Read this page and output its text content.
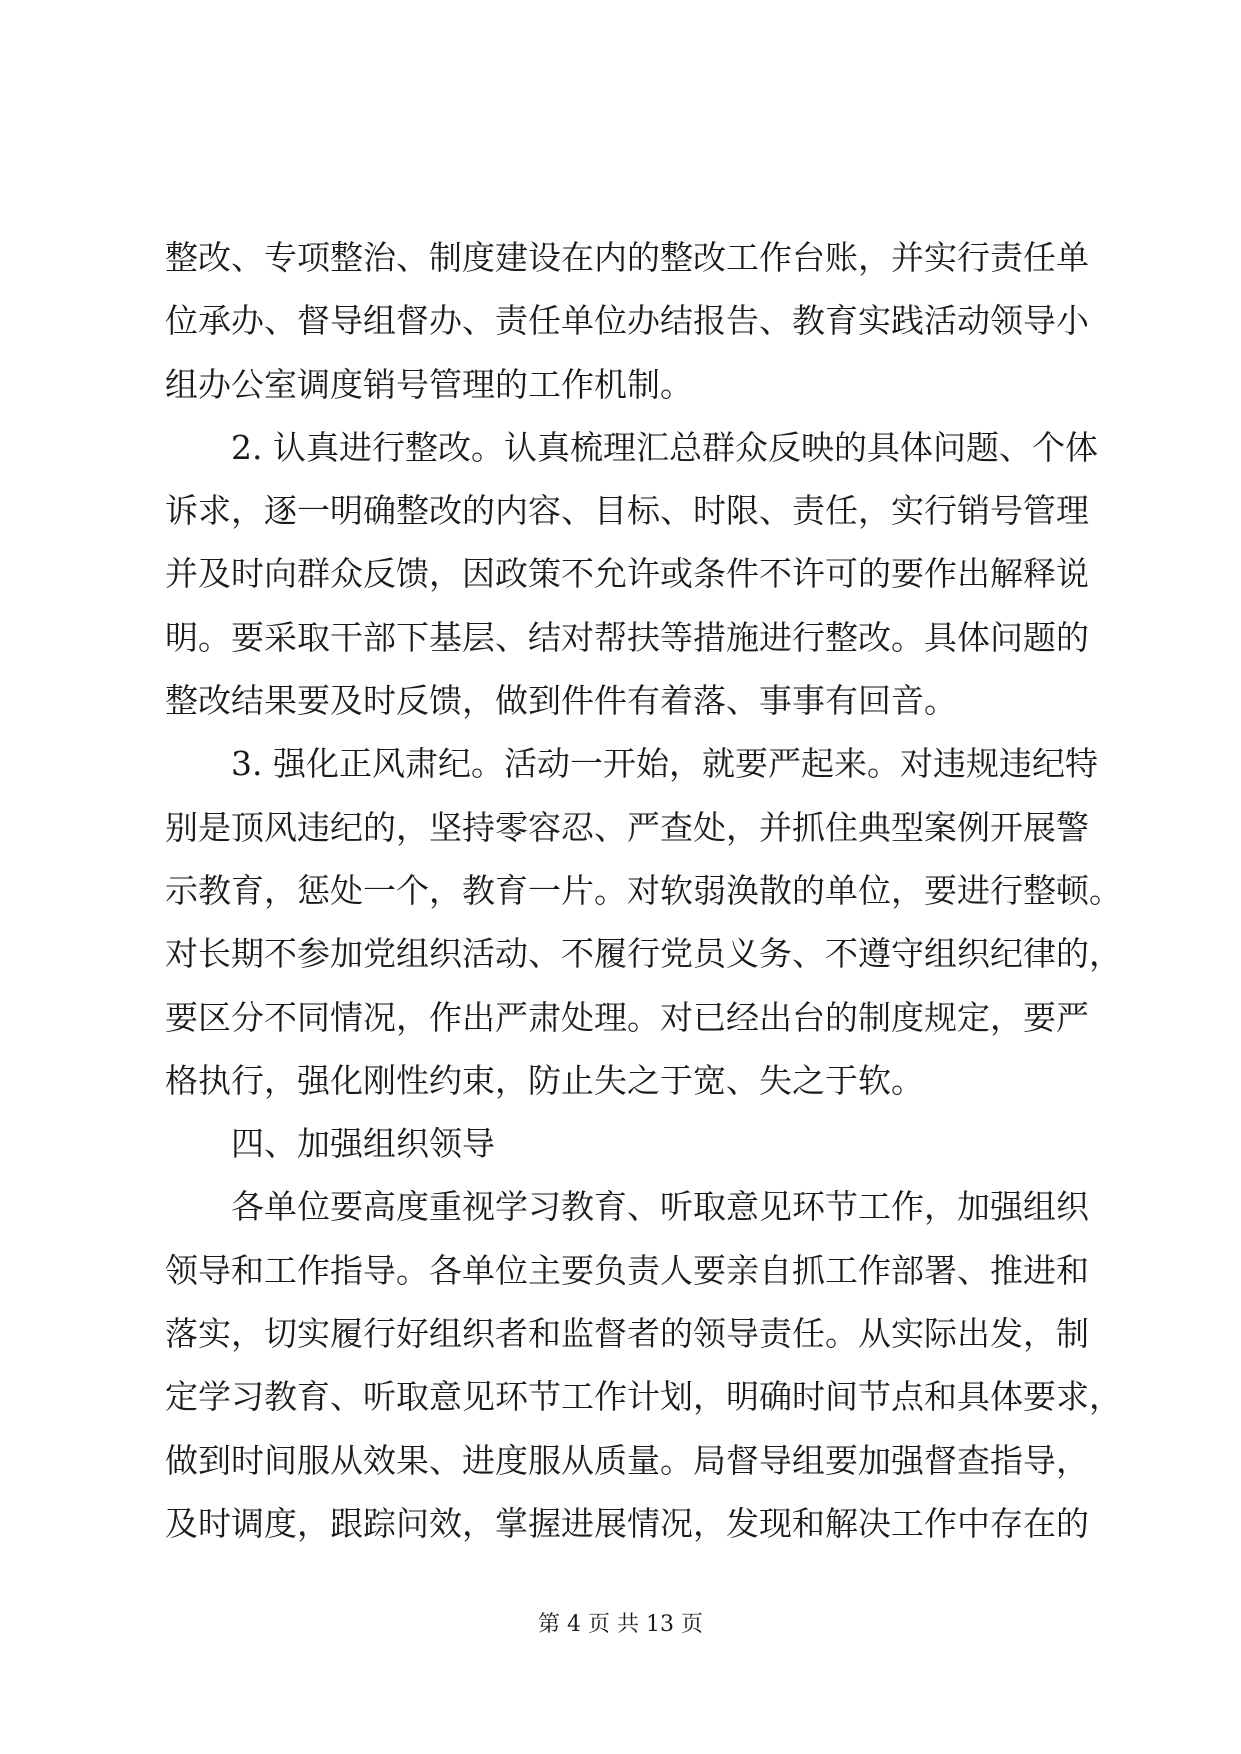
整改、专项整治、制度建设在内的整改工作台账，并实行责任单
位承办、督导组督办、责任单位办结报告、教育实践活动领导小
组办公室调度销号管理的工作机制。
2. 认真进行整改。认真梳理汇总群众反映的具体问题、个体
诉求，逐一明确整改的内容、目标、时限、责任，实行销号管理
并及时向群众反馈，因政策不允许或条件不许可的要作出解释说
明。要采取干部下基层、结对帮扶等措施进行整改。具体问题的
整改结果要及时反馈，做到件件有着落、事事有回音。
3. 强化正风肃纪。活动一开始，就要严起来。对违规违纪特
别是顶风违纪的，坚持零容忍、严查处，并抓住典型案例开展警
示教育，惩处一个，教育一片。对软弱涣散的单位，要进行整顿。
对长期不参加党组织活动、不履行党员义务、不遵守组织纪律的，
要区分不同情况，作出严肃处理。对已经出台的制度规定，要严
格执行，强化刚性约束，防止失之于宽、失之于软。
四、加强组织领导
各单位要高度重视学习教育、听取意见环节工作，加强组织
领导和工作指导。各单位主要负责人要亲自抓工作部署、推进和
落实，切实履行好组织者和监督者的领导责任。从实际出发，制
定学习教育、听取意见环节工作计划，明确时间节点和具体要求，
做到时间服从效果、进度服从质量。局督导组要加强督查指导，
及时调度，跟踪问效，掌握进展情况，发现和解决工作中存在的
第 4 页 共 13 页
